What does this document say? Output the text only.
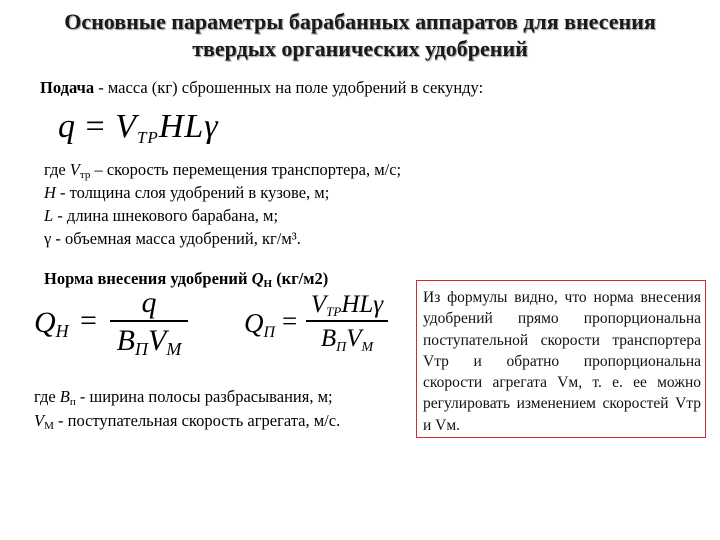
Основные параметры барабанных аппаратов для внесения
твердых органических удобрений
Подача - масса (кг) сброшенных на поле удобрений в секунду:
$q = V_{TP}HL\gamma$
где $V_{тр}$ – скорость перемещения транспортера, м/с;
H - толщина слоя удобрений в кузове, м;
L - длина шнекового барабана, м;
γ - объемная масса удобрений, кг/м³.
Норма внесения удобрений $Q_Н$ (кг/м2)
$Q_H$ =
q
$B_ПV_M$
$Q_П$ =
$V_{TP}HL\gamma$
$B_ПV_M$
где $B_п$ - ширина полосы разбрасывания, м;
$V_M$ - поступательная скорость агрегата, м/с.
Из формулы видно, что норма внесения удобрений прямо пропорциональна поступательной скорости транспортера Vтр и обратно пропорциональна скорости агрегата Vм, т. е. ее можно регулировать изменением скоростей Vтр и Vм.
